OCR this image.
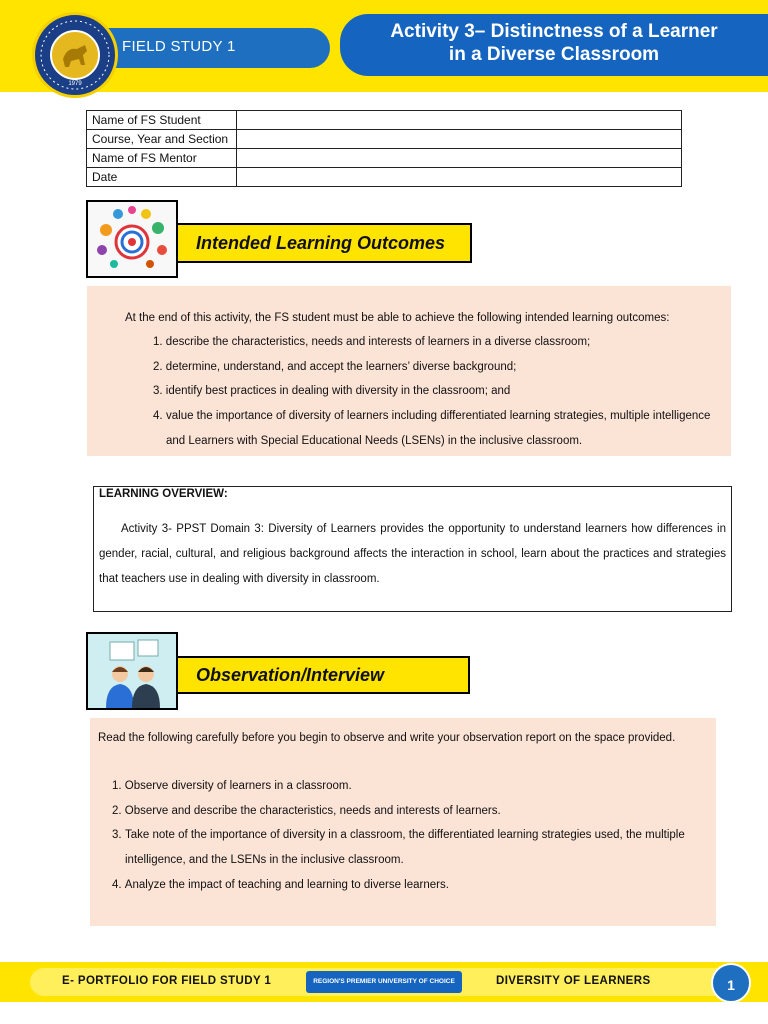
FIELD STUDY 1
Activity 3– Distinctness of a Learner
in a Diverse Classroom
1979
Name of FS Student	
Course, Year and Section	
Name of FS Mentor	
Date	
Intended Learning Outcomes
At the end of this activity, the FS student must be able to achieve the following intended learning outcomes:
1. describe the characteristics, needs and interests of learners in a diverse classroom;
2. determine, understand, and accept the learners’ diverse background;
3. identify best practices in dealing with diversity in the classroom; and
4. value the importance of diversity of learners including differentiated learning strategies, multiple intelligence and Learners with Special Educational Needs (LSENs) in the inclusive classroom.
LEARNING OVERVIEW:
Activity 3- PPST Domain 3: Diversity of Learners provides the opportunity to understand learners how differences in gender, racial, cultural, and religious background affects the interaction in school, learn about the practices and strategies that teachers use in dealing with diversity in classroom.
Observation/Interview
Read the following carefully before you begin to observe and write your observation report on the space provided.
1. Observe diversity of learners in a classroom.
2. Observe and describe the characteristics, needs and interests of learners.
3. Take note of the importance of diversity in a classroom, the differentiated learning strategies used, the multiple intelligence, and the LSENs in the inclusive classroom.
4. Analyze the impact of teaching and learning to diverse learners.
E- PORTFOLIO FOR FIELD STUDY 1	REGION'S PREMIER UNIVERSITY OF CHOICE	DIVERSITY OF LEARNERS	1
